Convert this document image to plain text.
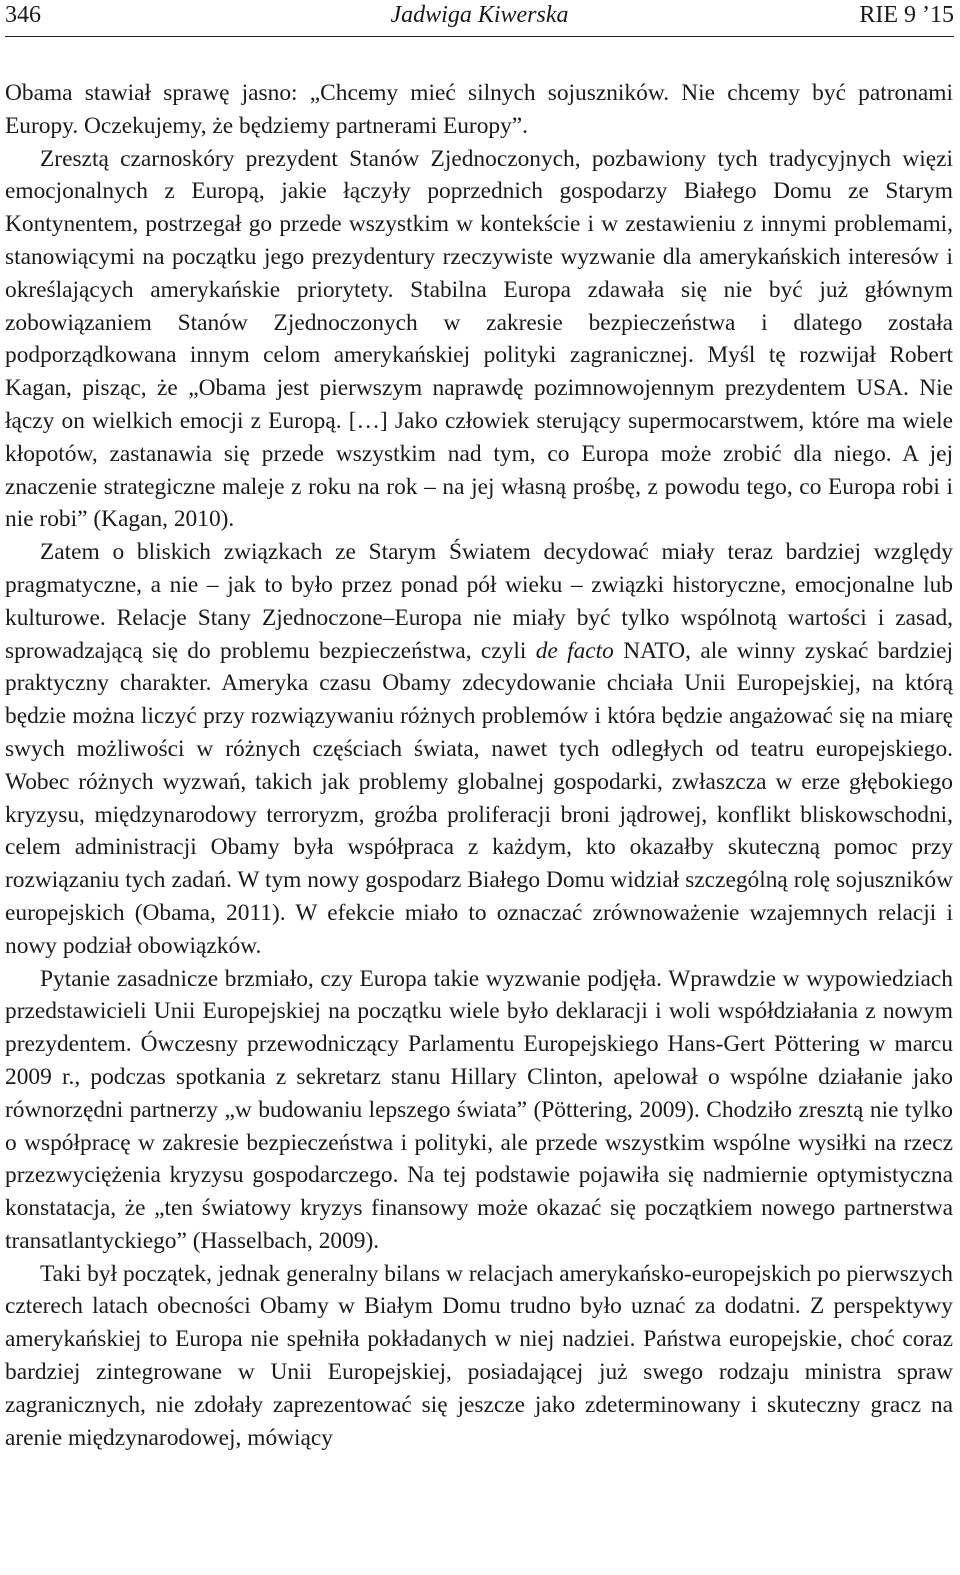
346	Jadwiga Kiwerska	RIE 9 ’15

Obama stawiał sprawę jasno: „Chcemy mieć silnych sojuszników. Nie chcemy być patronami Europy. Oczekujemy, że będziemy partnerami Europy”.

Zresztą czarnoskóry prezydent Stanów Zjednoczonych, pozbawiony tych tradycyjnych więzi emocjonalnych z Europą, jakie łączyły poprzednich gospodarzy Białego Domu ze Starym Kontynentem, postrzegał go przede wszystkim w kontekście i w zestawieniu z innymi problemami, stanowiącymi na początku jego prezydentury rzeczywiste wyzwanie dla amerykańskich interesów i określających amerykańskie priorytety. Stabilna Europa zdawała się nie być już głównym zobowiązaniem Stanów Zjednoczonych w zakresie bezpieczeństwa i dlatego została podporządkowana innym celom amerykańskiej polityki zagranicznej. Myśl tę rozwijał Robert Kagan, pisząc, że „Obama jest pierwszym naprawdę pozimnowojennym prezydentem USA. Nie łączy on wielkich emocji z Europą. […] Jako człowiek sterujący supermocarstwem, które ma wiele kłopotów, zastanawia się przede wszystkim nad tym, co Europa może zrobić dla niego. A jej znaczenie strategiczne maleje z roku na rok – na jej własną prośbę, z powodu tego, co Europa robi i nie robi” (Kagan, 2010).

Zatem o bliskich związkach ze Starym Światem decydować miały teraz bardziej względy pragmatyczne, a nie – jak to było przez ponad pół wieku – związki historyczne, emocjonalne lub kulturowe. Relacje Stany Zjednoczone–Europa nie miały być tylko wspólnotą wartości i zasad, sprowadzającą się do problemu bezpieczeństwa, czyli de facto NATO, ale winny zyskać bardziej praktyczny charakter. Ameryka czasu Obamy zdecydowanie chciała Unii Europejskiej, na którą będzie można liczyć przy rozwiązywaniu różnych problemów i która będzie angażować się na miarę swych możliwości w różnych częściach świata, nawet tych odległych od teatru europejskiego. Wobec różnych wyzwań, takich jak problemy globalnej gospodarki, zwłaszcza w erze głębokiego kryzysu, międzynarodowy terroryzm, groźba proliferacji broni jądrowej, konflikt bliskowschodni, celem administracji Obamy była współpraca z każdym, kto okazałby skuteczną pomoc przy rozwiązaniu tych zadań. W tym nowy gospodarz Białego Domu widział szczególną rolę sojuszników europejskich (Obama, 2011). W efekcie miało to oznaczać zrównoważenie wzajemnych relacji i nowy podział obowiązków.

Pytanie zasadnicze brzmiało, czy Europa takie wyzwanie podjęła. Wprawdzie w wypowiedziach przedstawicieli Unii Europejskiej na początku wiele było deklaracji i woli współdziałania z nowym prezydentem. Ówczesny przewodniczący Parlamentu Europejskiego Hans-Gert Pöttering w marcu 2009 r., podczas spotkania z sekretarz stanu Hillary Clinton, apelował o wspólne działanie jako równorzędni partnerzy „w budowaniu lepszego świata” (Pöttering, 2009). Chodziło zresztą nie tylko o współpracę w zakresie bezpieczeństwa i polityki, ale przede wszystkim wspólne wysiłki na rzecz przezwyciężenia kryzysu gospodarczego. Na tej podstawie pojawiła się nadmiernie optymistyczna konstatacja, że „ten światowy kryzys finansowy może okazać się początkiem nowego partnerstwa transatlantyckiego” (Hasselbach, 2009).

Taki był początek, jednak generalny bilans w relacjach amerykańsko-europejskich po pierwszych czterech latach obecności Obamy w Białym Domu trudno było uznać za dodatni. Z perspektywy amerykańskiej to Europa nie spełniła pokładanych w niej nadziei. Państwa europejskie, choć coraz bardziej zintegrowane w Unii Europejskiej, posiadającej już swego rodzaju ministra spraw zagranicznych, nie zdołały zaprezentować się jeszcze jako zdeterminowany i skuteczny gracz na arenie międzynarodowej, mówiący
